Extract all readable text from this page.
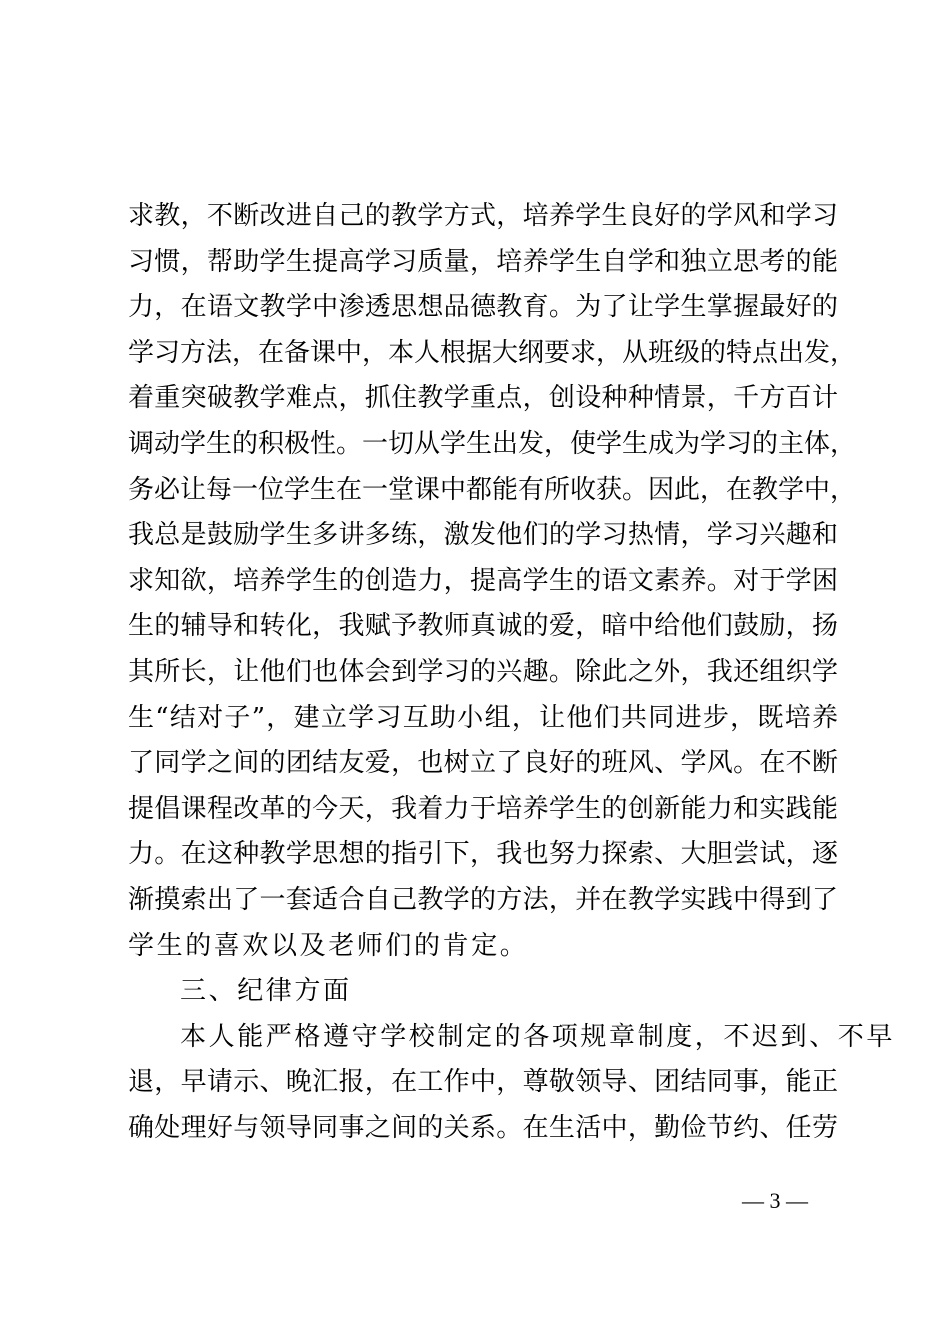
求教，不断改进自己的教学方式，培养学生良好的学风和学习
习惯，帮助学生提高学习质量，培养学生自学和独立思考的能
力，在语文教学中渗透思想品德教育。为了让学生掌握最好的
学习方法，在备课中，本人根据大纲要求，从班级的特点出发，
着重突破教学难点，抓住教学重点，创设种种情景，千方百计
调动学生的积极性。一切从学生出发，使学生成为学习的主体，
务必让每一位学生在一堂课中都能有所收获。因此，在教学中，
我总是鼓励学生多讲多练，激发他们的学习热情，学习兴趣和
求知欲，培养学生的创造力，提高学生的语文素养。对于学困
生的辅导和转化，我赋予教师真诚的爱，暗中给他们鼓励，扬
其所长，让他们也体会到学习的兴趣。除此之外，我还组织学
生“结对子”，建立学习互助小组，让他们共同进步，既培养
了同学之间的团结友爱，也树立了良好的班风、学风。在不断
提倡课程改革的今天，我着力于培养学生的创新能力和实践能
力。在这种教学思想的指引下，我也努力探索、大胆尝试，逐
渐摸索出了一套适合自己教学的方法，并在教学实践中得到了
学生的喜欢以及老师们的肯定。
三、纪律方面
本人能严格遵守学校制定的各项规章制度，不迟到、不早
退，早请示、晚汇报，在工作中，尊敬领导、团结同事，能正
确处理好与领导同事之间的关系。在生活中，勤俭节约、任劳
— 3 —
